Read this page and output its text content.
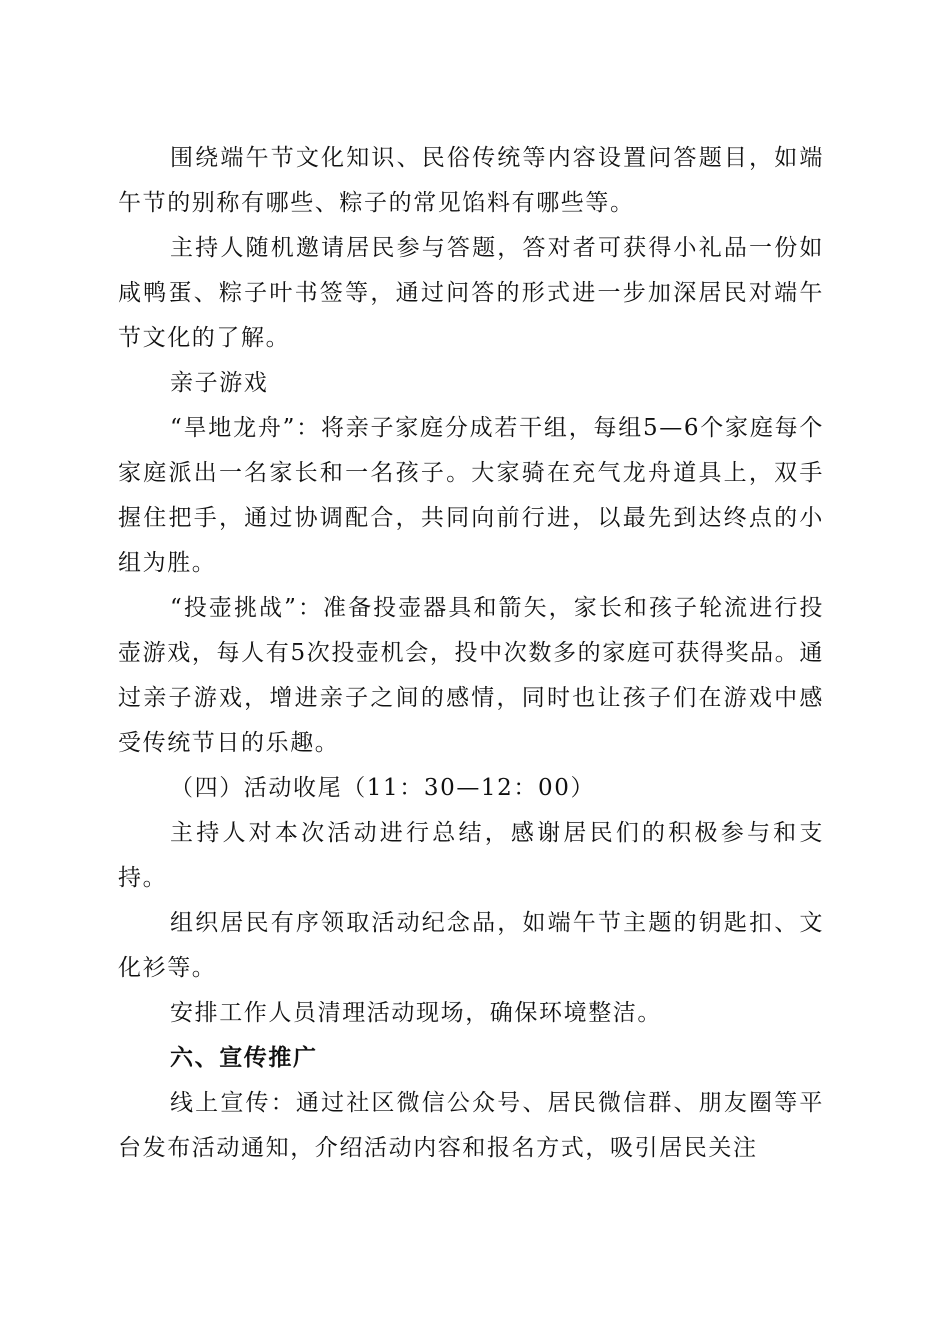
围绕端午节文化知识、民俗传统等内容设置问答题目，如端午节的别称有哪些、粽子的常见馅料有哪些等。

主持人随机邀请居民参与答题，答对者可获得小礼品一份如咸鸭蛋、粽子叶书签等，通过问答的形式进一步加深居民对端午节文化的了解。

亲子游戏

“旱地龙舟”：将亲子家庭分成若干组，每组5—6个家庭每个家庭派出一名家长和一名孩子。大家骑在充气龙舟道具上，双手握住把手，通过协调配合，共同向前行进，以最先到达终点的小组为胜。

“投壶挑战”：准备投壶器具和箭矢，家长和孩子轮流进行投壶游戏，每人有5次投壶机会，投中次数多的家庭可获得奖品。通过亲子游戏，增进亲子之间的感情，同时也让孩子们在游戏中感受传统节日的乐趣。

（四）活动收尾（11：30—12：00）

主持人对本次活动进行总结，感谢居民们的积极参与和支持。

组织居民有序领取活动纪念品，如端午节主题的钥匙扣、文化衫等。

安排工作人员清理活动现场，确保环境整洁。

六、宣传推广

线上宣传：通过社区微信公众号、居民微信群、朋友圈等平台发布活动通知，介绍活动内容和报名方式，吸引居民关注
